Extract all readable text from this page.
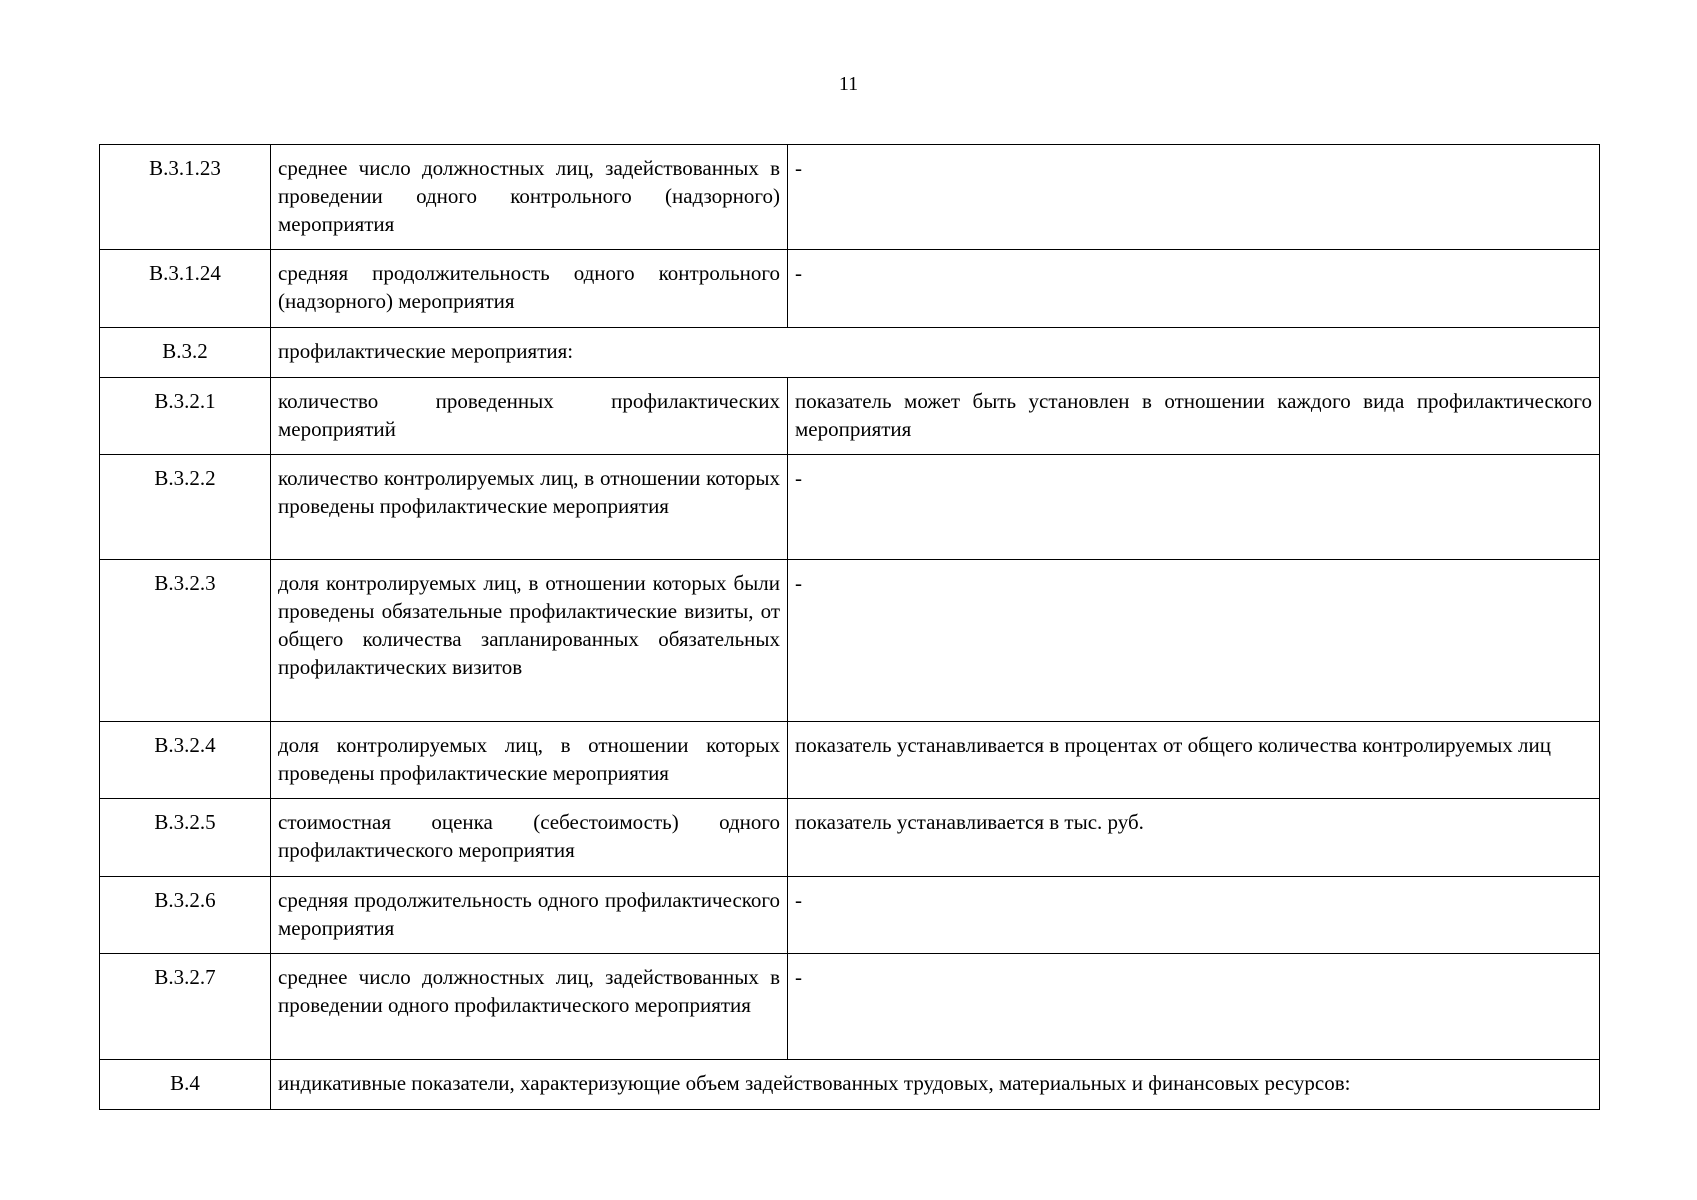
11
В.3.1.23	среднее число должностных лиц, задействованных в проведении одного контрольного (надзорного) мероприятия	-
В.3.1.24	средняя продолжительность одного контрольного (надзорного) мероприятия	-
В.3.2	профилактические мероприятия:	
В.3.2.1	количество проведенных профилактических мероприятий	показатель может быть установлен в отношении каждого вида профилактического мероприятия
В.3.2.2	количество контролируемых лиц, в отношении которых проведены профилактические мероприятия	-
В.3.2.3	доля контролируемых лиц, в отношении которых были проведены обязательные профилактические визиты, от общего количества запланированных обязательных профилактических визитов	-
В.3.2.4	доля контролируемых лиц, в отношении которых проведены профилактические мероприятия	показатель устанавливается в процентах от общего количества контролируемых лиц
В.3.2.5	стоимостная оценка (себестоимость) одного профилактического мероприятия	показатель устанавливается в тыс. руб.
В.3.2.6	средняя продолжительность одного профилактического мероприятия	-
В.3.2.7	среднее число должностных лиц, задействованных в проведении одного профилактического мероприятия	-
В.4	индикативные показатели, характеризующие объем задействованных трудовых, материальных и финансовых ресурсов:	
